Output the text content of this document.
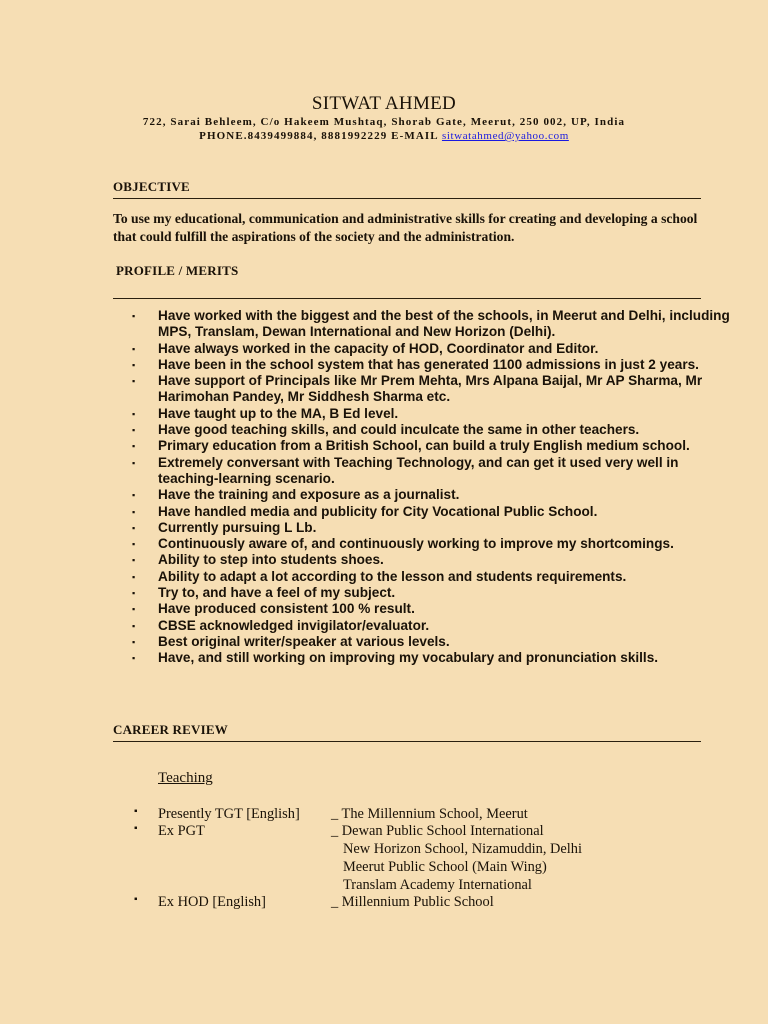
SITWAT AHMED
722, Sarai Behleem, C/o Hakeem Mushtaq, Shorab Gate, Meerut, 250 002, UP, India
PHONE.8439499884, 8881992229 E-MAIL sitwatahmed@yahoo.com
OBJECTIVE
To use my educational, communication and administrative skills for creating and developing a school that could fulfill the aspirations of the society and the administration.
PROFILE / MERITS
▪ Have worked with the biggest and the best of the schools, in Meerut and Delhi, including MPS, Translam, Dewan International and New Horizon (Delhi).
▪ Have always worked in the capacity of HOD, Coordinator and Editor.
▪ Have been in the school system that has generated 1100 admissions in just 2 years.
▪ Have support of Principals like Mr Prem Mehta, Mrs Alpana Baijal, Mr AP Sharma, Mr Harimohan Pandey, Mr Siddhesh Sharma etc.
▪ Have taught up to the MA, B Ed level.
▪ Have good teaching skills, and could inculcate the same in other teachers.
▪ Primary education from a British School, can build a truly English medium school.
▪ Extremely conversant with Teaching Technology, and can get it used very well in teaching-learning scenario.
▪ Have the training and exposure as a journalist.
▪ Have handled media and publicity for City Vocational Public School.
▪ Currently pursuing L Lb.
▪ Continuously aware of, and continuously working to improve my shortcomings.
▪ Ability to step into students shoes.
▪ Ability to adapt a lot according to the lesson and students requirements.
▪ Try to, and have a feel of my subject.
▪ Have produced consistent 100 % result.
▪ CBSE acknowledged invigilator/evaluator.
▪ Best original writer/speaker at various levels.
▪ Have, and still working on improving my vocabulary and pronunciation skills.
CAREER REVIEW
Teaching
▪ Presently TGT [English] _ The Millennium School, Meerut
▪ Ex PGT	_ Dewan Public School International
New Horizon School, Nizamuddin, Delhi
Meerut Public School (Main Wing)
Translam Academy International
▪ Ex HOD [English]	_ Millennium Public School
